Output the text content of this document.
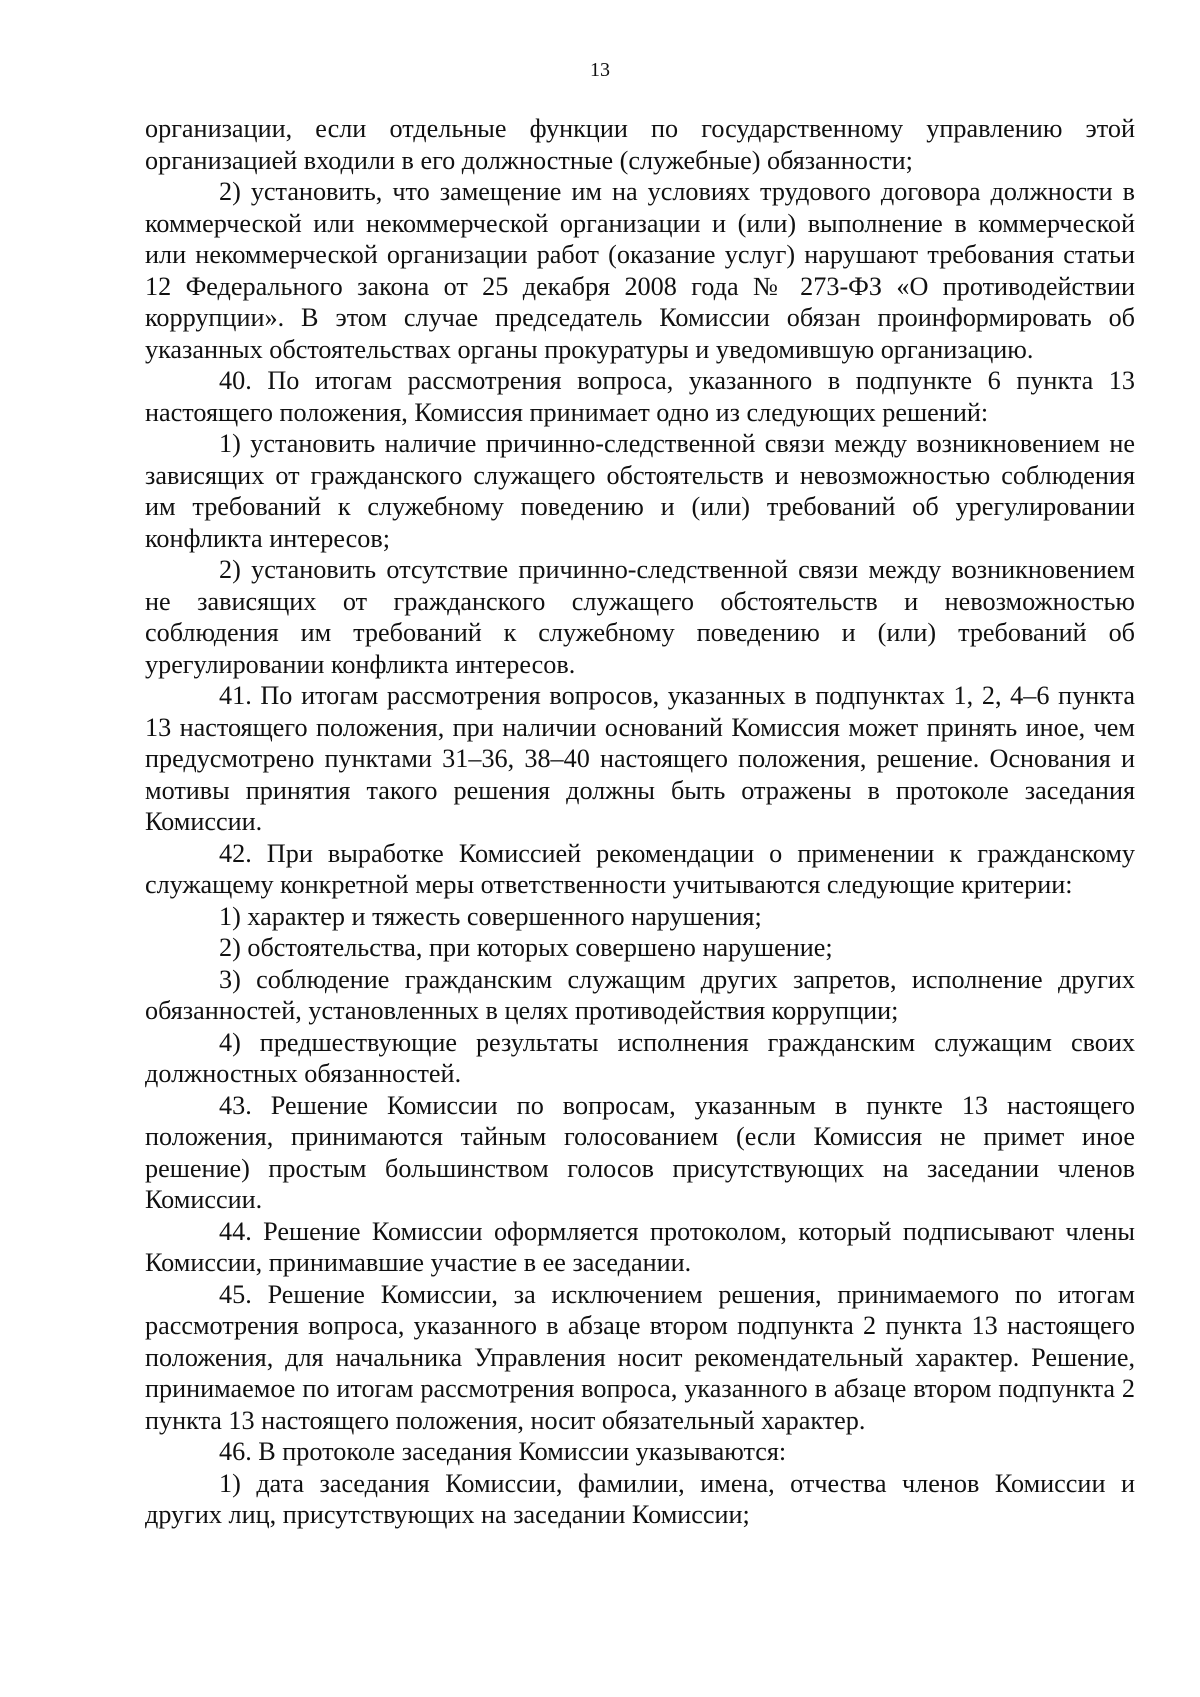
13

организации, если отдельные функции по государственному управлению этой организацией входили в его должностные (служебные) обязанности;

2) установить, что замещение им на условиях трудового договора должности в коммерческой или некоммерческой организации и (или) выполнение в коммерческой или некоммерческой организации работ (оказание услуг) нарушают требования статьи 12 Федерального закона от 25 декабря 2008 года № 273-ФЗ «О противодействии коррупции». В этом случае председатель Комиссии обязан проинформировать об указанных обстоятельствах органы прокуратуры и уведомившую организацию.

40. По итогам рассмотрения вопроса, указанного в подпункте 6 пункта 13 настоящего положения, Комиссия принимает одно из следующих решений:

1) установить наличие причинно-следственной связи между возникновением не зависящих от гражданского служащего обстоятельств и невозможностью соблюдения им требований к служебному поведению и (или) требований об урегулировании конфликта интересов;

2) установить отсутствие причинно-следственной связи между возникновением не зависящих от гражданского служащего обстоятельств и невозможностью соблюдения им требований к служебному поведению и (или) требований об урегулировании конфликта интересов.

41. По итогам рассмотрения вопросов, указанных в подпунктах 1, 2, 4–6 пункта 13 настоящего положения, при наличии оснований Комиссия может принять иное, чем предусмотрено пунктами 31–36, 38–40 настоящего положения, решение. Основания и мотивы принятия такого решения должны быть отражены в протоколе заседания Комиссии.

42. При выработке Комиссией рекомендации о применении к гражданскому служащему конкретной меры ответственности учитываются следующие критерии:

1) характер и тяжесть совершенного нарушения;

2) обстоятельства, при которых совершено нарушение;

3) соблюдение гражданским служащим других запретов, исполнение других обязанностей, установленных в целях противодействия коррупции;

4) предшествующие результаты исполнения гражданским служащим своих должностных обязанностей.

43. Решение Комиссии по вопросам, указанным в пункте 13 настоящего положения, принимаются тайным голосованием (если Комиссия не примет иное решение) простым большинством голосов присутствующих на заседании членов Комиссии.

44. Решение Комиссии оформляется протоколом, который подписывают члены Комиссии, принимавшие участие в ее заседании.

45. Решение Комиссии, за исключением решения, принимаемого по итогам рассмотрения вопроса, указанного в абзаце втором подпункта 2 пункта 13 настоящего положения, для начальника Управления носит рекомендательный характер. Решение, принимаемое по итогам рассмотрения вопроса, указанного в абзаце втором подпункта 2 пункта 13 настоящего положения, носит обязательный характер.

46. В протоколе заседания Комиссии указываются:

1) дата заседания Комиссии, фамилии, имена, отчества членов Комиссии и других лиц, присутствующих на заседании Комиссии;
